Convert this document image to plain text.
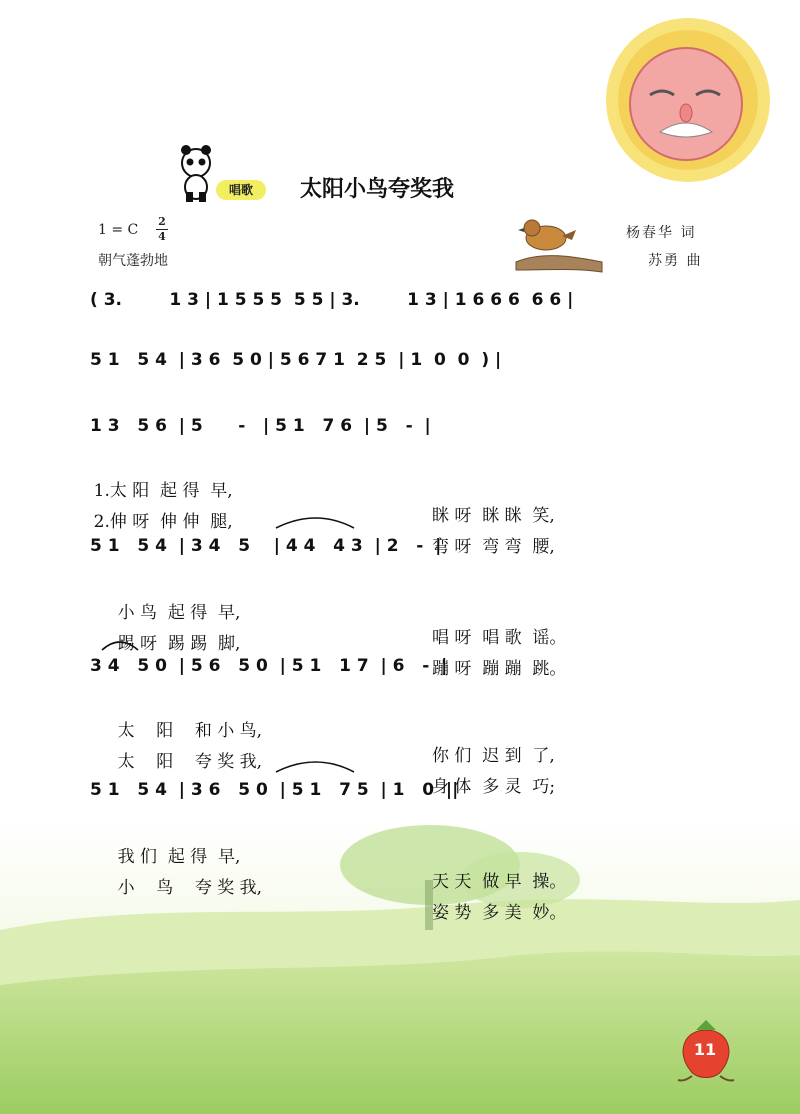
唱歌	太阳小鸟夸奖我
1 = C
2
4
朝气蓬勃地
杨春华 词
苏勇 曲
( 3.        1 3 | 1 5 5 5  5 5 | 3.        1 3 | 1 6 6 6  6 6 |
5 1   5 4  | 3 6  5 0 | 5 6 7 1  2 5  | 1  0  0  ) |
1 3   5 6  | 5      -   | 5 1   7 6  | 5   -  |

1.太 阳  起 得  早,

眯 呀  眯 眯  笑,

2.伸 呀  伸 伸  腿,

弯 呀  弯 弯  腰,

5 1   5 4  | 3 4   5    | 4 4   4 3  | 2   -  |

小 鸟  起 得  早,

唱 呀  唱 歌  谣。

踢 呀  踢 踢  脚,

蹦 呀  蹦 蹦  跳。

3 4   5 0  | 5 6   5 0  | 5 1   1 7  | 6   -  |

太    阳    和 小 鸟,

你 们  迟 到  了,

太    阳    夸 奖 我,

身 体  多 灵  巧;

5 1   5 4  | 3 6   5 0  | 5 1   7 5  | 1   0  ||

我 们  起 得  早,

天 天  做 早  操。

小    鸟    夸 奖 我,

姿 势  多 美  妙。

11
